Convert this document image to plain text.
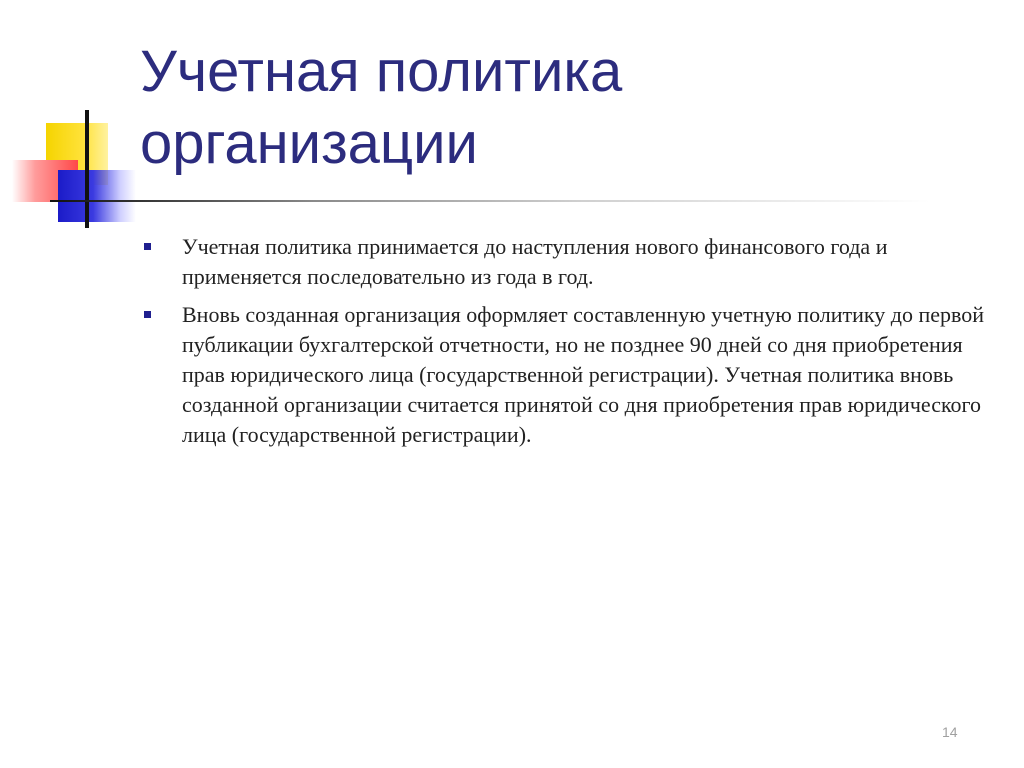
Учетная политика
организации
Учетная политика принимается до наступления нового финансового года и применяется последовательно из года в год.
Вновь созданная организация оформляет составленную учетную политику до первой публикации бухгалтерской отчетности, но не позднее 90 дней со дня приобретения прав юридического лица (государственной регистрации). Учетная политика вновь созданной организации считается принятой со дня приобретения прав юридического лица (государственной регистрации).
14
